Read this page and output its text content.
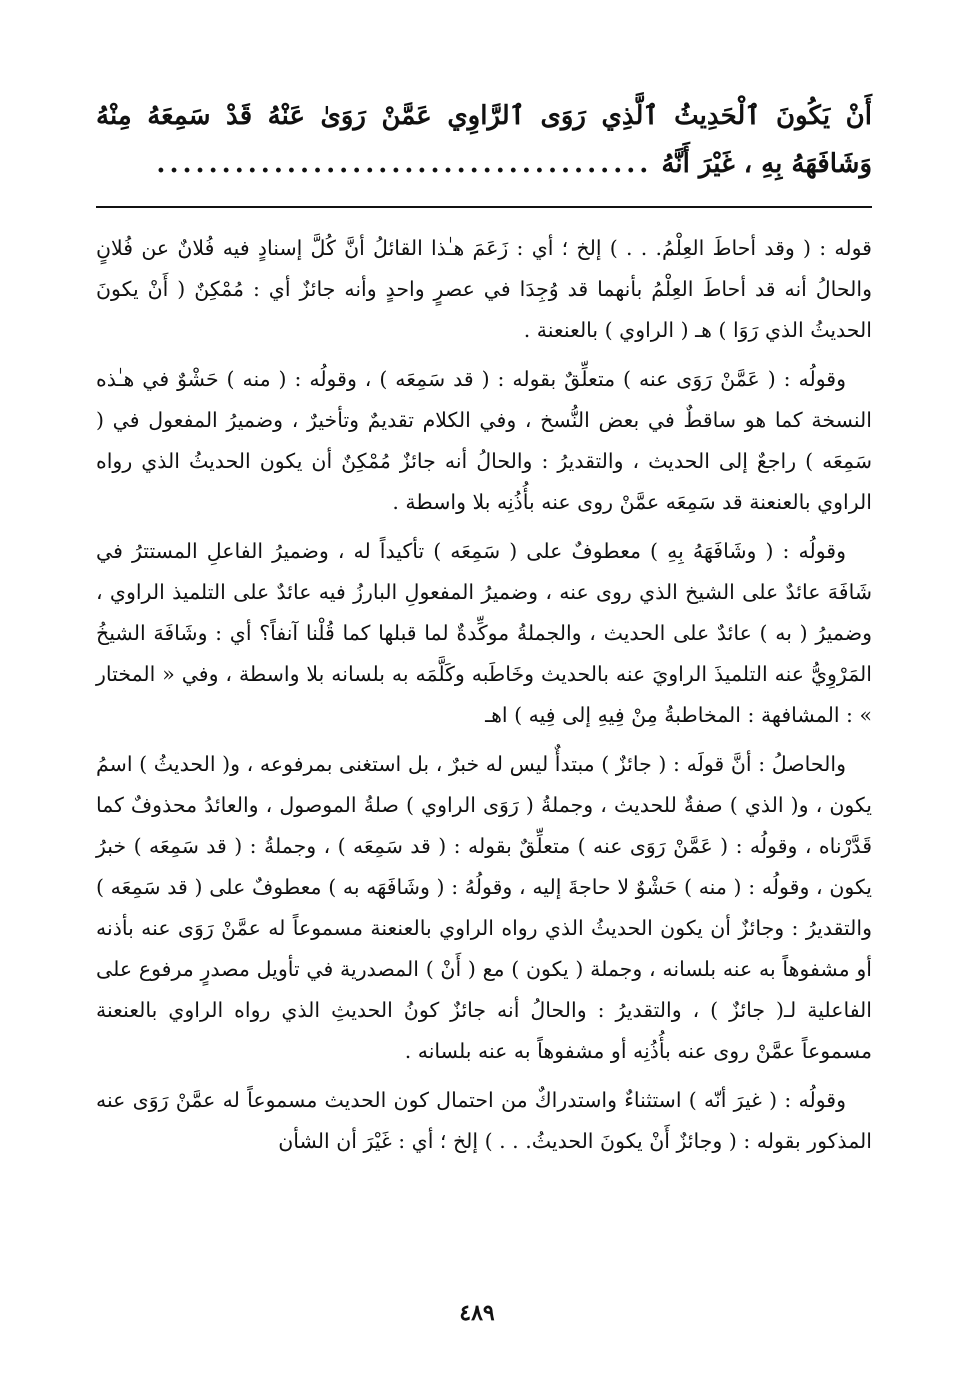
أَنْ يَكُونَ ٱلْحَدِيثُ ٱلَّذِي رَوَى ٱلرَّاوِي عَمَّنْ رَوَىٰ عَنْهُ قَدْ سَمِعَهُ مِنْهُ وَشَافَهَهُ بِهِ ، غَيْرَ أَنَّهُ ......................................

قوله : ( وقد أحاطَ العِلْمُ. . . ) إلخ ؛ أي : زَعَمَ هـٰذا القائلُ أنَّ كُلَّ إسنادٍ فيه فُلانٌ عن فُلانٍ والحالُ أنه قد أحاطَ العِلْمُ بأنهما قد وُجِدَا في عصرٍ واحدٍ وأنه جائزٌ أي : مُمْكِنٌ ( أَنْ يكونَ الحديثُ الذي رَوَا ) هـ ( الراوي ) بالعنعنة .

وقولُه : ( عَمَّنْ رَوَى عنه ) متعلِّقٌ بقوله : ( قد سَمِعَه ) ، وقولُه : ( منه ) حَشْوٌ في هـٰذه النسخة كما هو ساقطٌ في بعض النُّسخ ، وفي الكلام تقديمٌ وتأخيرٌ ، وضميرُ المفعول في ( سَمِعَه ) راجعٌ إلى الحديث ، والتقديرُ : والحالُ أنه جائزٌ مُمْكِنٌ أن يكون الحديثُ الذي رواه الراوي بالعنعنة قد سَمِعَه عمَّنْ روى عنه بأُذُنِه بلا واسطة .

وقولُه : ( وشَافَهَهُ بِهِ ) معطوفٌ على ( سَمِعَه ) تأكيداً له ، وضميرُ الفاعلِ المستترُ في شَافَهَ عائدٌ على الشيخ الذي روى عنه ، وضميرُ المفعولِ البارزُ فيه عائدٌ على التلميذ الراوي ، وضميرُ ( به ) عائدٌ على الحديث ، والجملةُ موكِّدةٌ لما قبلها كما قُلْنا آنفاً؟ أي : وشَافَهَ الشيخُ المَرْوِيُّ عنه التلميذَ الراويَ عنه بالحديث وخَاطَبه وكَلَّمَه به بلسانه بلا واسطة ، وفي « المختار » : المشافهة : المخاطبةُ مِنْ فِيهِ إلى فِيه ) اهـ

والحاصلُ : أنَّ قولَه : ( جائزٌ ) مبتدأٌ ليس له خبرٌ ، بل استغنى بمرفوعه ، و( الحديثُ ) اسمُ يكون ، و( الذي ) صفةٌ للحديث ، وجملةُ ( رَوَى الراوي ) صلةُ الموصول ، والعائدُ محذوفٌ كما قَدَّرْناه ، وقولُه : ( عَمَّنْ رَوَى عنه ) متعلِّقٌ بقوله : ( قد سَمِعَه ) ، وجملةُ : ( قد سَمِعَه ) خبرُ يكون ، وقولُه : ( منه ) حَشْوٌ لا حاجةَ إليه ، وقولُهُ : ( وشَافَهَه به ) معطوفٌ على ( قد سَمِعَه ) والتقديرُ : وجائزٌ أن يكون الحديثُ الذي رواه الراوي بالعنعنة مسموعاً له عمَّنْ رَوَى عنه بأذنه أو مشفوهاً به عنه بلسانه ، وجملة ( يكون ) مع ( أَنْ ) المصدرية في تأويل مصدرٍ مرفوع على الفاعلية لـ( جائزٌ ) ، والتقديرُ : والحالُ أنه جائزٌ كونُ الحديثِ الذي رواه الراوي بالعنعنة مسموعاً عمَّنْ روى عنه بأُذُنِه أو مشفوهاً به عنه بلسانه .

وقولُه : ( غيرَ أنّه ) استثناءٌ واستدراكٌ من احتمال كون الحديث مسموعاً له عمَّنْ رَوَى عنه المذكور بقوله : ( وجائزٌ أَنْ يكونَ الحديثُ. . . ) إلخ ؛ أي : غَيْرَ أن الشأن

٤٨٩
